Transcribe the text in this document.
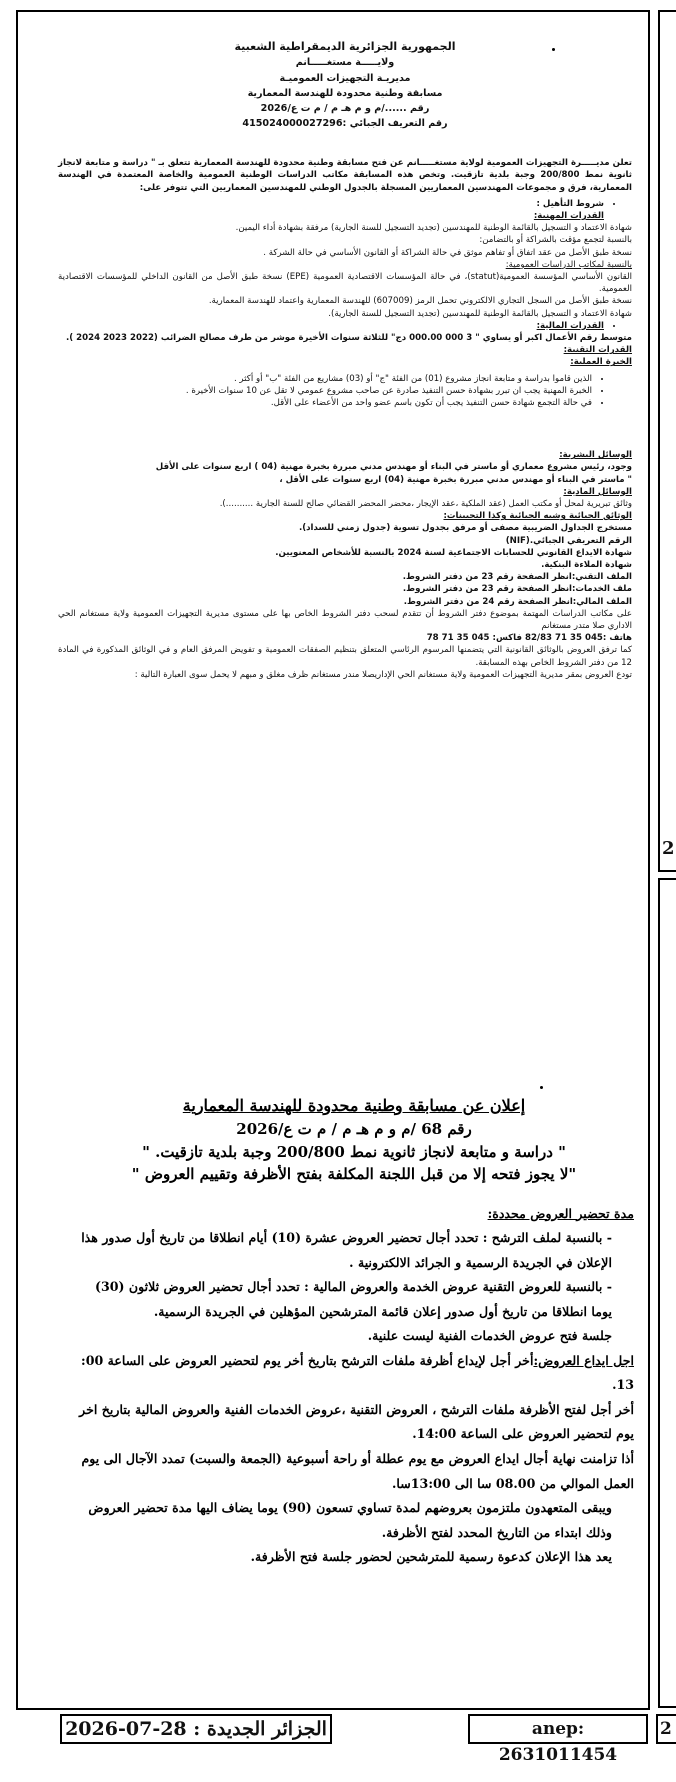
2
الجمهورية الجزائرية الديمقراطية الشعبية
ولايـــــة مستغـــــانم
مديريـة التجهيزات العموميـة
مسابقة وطنية محدودة للهندسة المعمارية
رقم ....../م و م هـ م / م ت ع/2026
رقم التعريف الجبائي :415024000027296

تعلن مديـــــرة التجهيزات العمومية لولاية مستغـــــانم عن فتح مسابقة وطنية محدودة للهندسة المعمارية تتعلق بـ " دراسة و متابعة لانجاز ثانوية نمط 200/800 وجبة بلدية تازقيت. وتخص هذه المسابقة مكاتب الدراسات الوطنية العمومية والخاصة المعتمدة في الهندسة المعمارية، فرق و مجموعات المهندسين المعماريين المسجلة بالجدول الوطني للمهندسين المعماريين التي تتوفر على:

• شروط التأهيل :
القدرات المهنية:

شهادة الاعتماد و التسجيل بالقائمة الوطنية للمهندسين (تجديد التسجيل للسنة الجارية) مرفقة بشهادة أداء اليمين.

بالنسبة لتجمع مؤقت بالشراكة أو بالتضامن:

نسخة طبق الأصل من عقد اتفاق أو تفاهم موثق في حالة الشراكة أو القانون الأساسي في حالة الشركة .

بالنسبة لمكاتب الدراسات العمومية:

القانون الأساسي المؤسسة العمومية(statut)، في حالة المؤسسات الاقتصادية العمومية (EPE) نسخة طبق الأصل من القانون الداخلي للمؤسسات الاقتصادية العمومية.

نسخة طبق الأصل من السجل التجاري الالكتروني تحمل الرمز (607009) للهندسة المعمارية واعتماد للهندسة المعمارية.

شهادة الاعتماد و التسجيل بالقائمة الوطنية للمهندسين (تجديد التسجيل للسنة الجارية).

• القدرات المالية:

متوسط رقم الأعمال اكبر أو يساوي " 3 000 000.00 دج" للثلاثة سنوات الأخيرة موشر من طرف مصالح الضرائب (2022 2023 2024 ).

القدرات التقنية:
الخبرة العملية:
• الذين قاموا بدراسة و متابعة انجاز مشروع (01) من الفئة "ج" أو (03) مشاريع من الفئة "ب" أو أكثر .
• الخبرة المهنية يجب ان تبرر بشهادة حسن التنفيذ صادرة عن صاحب مشروع عمومي لا تقل عن 10 سنوات الأخيرة .
• في حالة التجمع شهادة حسن التنفيذ يجب أن تكون باسم عضو واحد من الأعضاء على الأقل.
الوسائل البشرية:

وجود، رئيس مشروع معماري أو ماستر في البناء أو مهندس مدني مبررة بخبرة مهنية (04 ) اربع سنوات على الأقل

" ماستر في البناء أو مهندس مدني مبررة بخبرة مهنية (04) اربع سنوات على الأقل ،

الوسائل المادية:

وثائق تبريرية لمحل أو مكتب العمل (عقد الملكية ،عقد الإيجار ،محضر المحضر القضائي صالح للسنة الجارية ..........).

الوثائق الجبائية وشبه الجبائية وكذا التحيينات:

مستخرج الجداول الضريبية مصفى أو مرفق بجدول تسوية (جدول زمني للسداد).

الرقم التعريفي الجبائي.(NIF)

شهادة الايداع القانوني للحسابات الاجتماعية لسنة 2024 بالنسبة للأشخاص المعنويين.

شهادة الملاءة البنكية.

الملف التقني:انظر الصفحة رقم 23 من دفتر الشروط.

ملف الخدمات:انظر الصفحة رقم 23 من دفتر الشروط.

الملف المالي:انظر الصفحة رقم 24 من دفتر الشروط.

على مكاتب الدراسات المهتمة بموضوع دفتر الشروط أن تتقدم لسحب دفتر الشروط الخاص بها على مستوى مديرية التجهيزات العمومية ولاية مستغانم الحي الاداري صلا متدر مستغانم

هاتف :045 35 71 82/83 فاكس: 045 35 71 78

كما ترفق العروض بالوثائق القانونية التي يتضمنها المرسوم الرئاسي المتعلق بتنظيم الصفقات العمومية و تفويض المرفق العام و في الوثائق المذكورة في المادة 12 من دفتر الشروط الخاص بهذه المسابقة.

تودع العروض بمقر مديرية التجهيزات العمومية ولاية مستغانم الحي الإداريصلا مندر مستغانم ظرف مغلق و مبهم لا يحمل سوى العبارة التالية :

إعلان عن مسابقة وطنية محدودة للهندسة المعمارية
رقم 68 /م و م هـ م / م ت ع/2026
" دراسة و متابعة لانجاز ثانوية نمط 200/800 وجبة بلدية تازقيت. "
"لا يجوز فتحه إلا من قبل اللجنة المكلفة بفتح الأظرفة وتقييم العروض "
مدة تحضير العروض محددة:
- بالنسبة لملف الترشح : تحدد أجال تحضير العروض عشرة (10) أيام انطلاقا من تاريخ أول صدور هذا الإعلان في الجريدة الرسمية و الجرائد الالكترونية .
- بالنسبة للعروض التقنية عروض الخدمة والعروض المالية : تحدد أجال تحضير العروض ثلاثون (30) يوما انطلاقا من تاريخ أول صدور إعلان قائمة المترشحين المؤهلين في الجريدة الرسمية.
جلسة فتح عروض الخدمات الفنية ليست علنية.
اجل ايداع العروض:أخر أجل لإيداع أظرفة ملفات الترشح بتاريخ أخر يوم لتحضير العروض على الساعة 00: 13.
أخر أجل لفتح الأظرفة ملفات الترشح ، العروض التقنية ،عروض الخدمات الفنية والعروض المالية بتاريخ اخر يوم لتحضير العروض على الساعة 14:00.
أذا تزامنت نهاية أجال ايداع العروض مع يوم عطلة أو راحة أسبوعية (الجمعة والسبت) تمدد الآجال الى يوم العمل الموالي من 08.00 سا الى 13:00سا.
ويبقى المتعهدون ملتزمون بعروضهم لمدة تساوي تسعون (90) يوما يضاف اليها مدة تحضير العروض وذلك ابتداء من التاريخ المحدد لفتح الأظرفة.
يعد هذا الإعلان كدعوة رسمية للمترشحين لحضور جلسة فتح الأظرفة.
الجزائر الجديدة : 28-07-2026	anep: 2631011454
2
